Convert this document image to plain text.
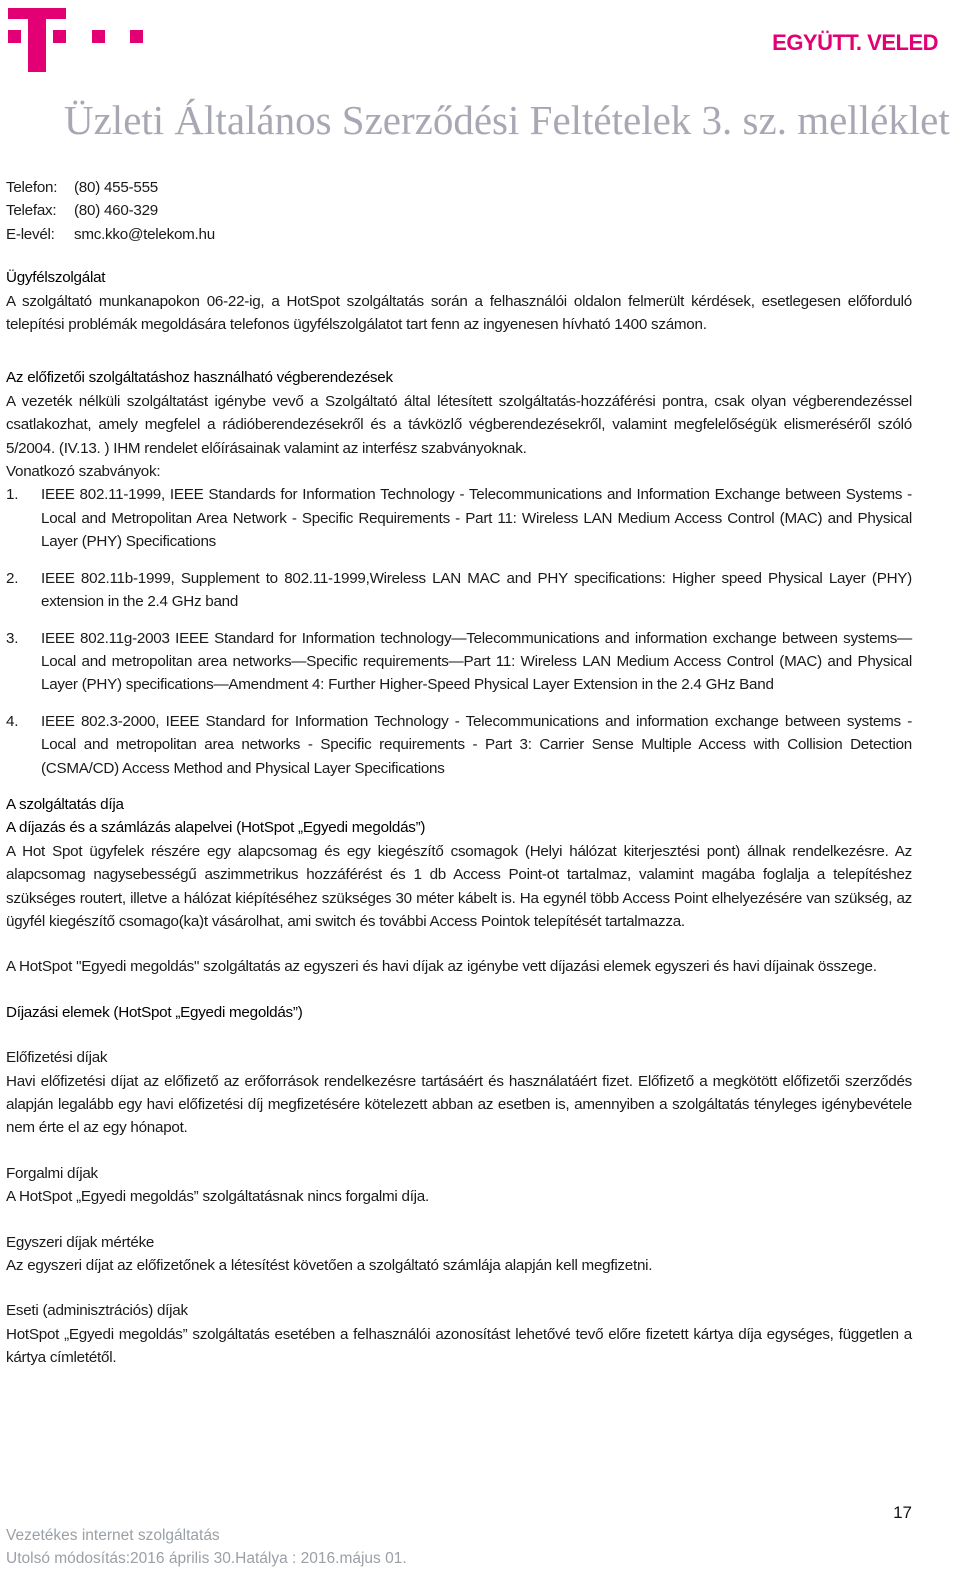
EGYÜTT. VELED
Üzleti Általános Szerződési Feltételek 3. sz. melléklet
Telefon:	(80) 455-555
Telefax:	(80) 460-329
E-levél:	smc.kko@telekom.hu

Ügyfélszolgálat

A szolgáltató munkanapokon 06-22-ig, a HotSpot szolgáltatás során a felhasználói oldalon felmerült kérdések, esetlegesen előforduló telepítési problémák megoldására telefonos ügyfélszolgálatot tart fenn az ingyenesen hívható 1400 számon.

Az előfizetői szolgáltatáshoz használható végberendezések

A vezeték nélküli szolgáltatást igénybe vevő a Szolgáltató által létesített szolgáltatás-hozzáférési pontra, csak olyan végberendezéssel csatlakozhat, amely megfelel a rádióberendezésekről és a távközlő végberendezésekről, valamint megfelelőségük elismeréséről szóló 5/2004. (IV.13. ) IHM rendelet előírásainak valamint az interfész szabványoknak.

Vonatkozó szabványok:

1.	IEEE 802.11-1999, IEEE Standards for Information Technology - Telecommunications and Information Exchange between Systems - Local and Metropolitan Area Network - Specific Requirements - Part 11: Wireless LAN Medium Access Control (MAC) and Physical Layer (PHY) Specifications
2.	IEEE 802.11b-1999, Supplement to 802.11-1999,Wireless LAN MAC and PHY specifications: Higher speed Physical Layer (PHY) extension in the 2.4 GHz band
3.	IEEE 802.11g-2003 IEEE Standard for Information technology—Telecommunications and information exchange between systems—Local and metropolitan area networks—Specific requirements—Part 11: Wireless LAN Medium Access Control (MAC) and Physical Layer (PHY) specifications—Amendment 4: Further Higher-Speed Physical Layer Extension in the 2.4 GHz Band
4.	IEEE 802.3-2000, IEEE Standard for Information Technology - Telecommunications and information exchange between systems - Local and metropolitan area networks - Specific requirements - Part 3: Carrier Sense Multiple Access with Collision Detection (CSMA/CD) Access Method and Physical Layer Specifications

A szolgáltatás díja

A díjazás és a számlázás alapelvei (HotSpot „Egyedi megoldás”)

A Hot Spot ügyfelek részére egy alapcsomag és egy kiegészítő csomagok (Helyi hálózat kiterjesztési pont) állnak rendelkezésre. Az alapcsomag nagysebességű aszimmetrikus hozzáférést és 1 db Access Point-ot tartalmaz, valamint magába foglalja a telepítéshez szükséges routert, illetve a hálózat kiépítéséhez szükséges 30 méter kábelt is. Ha egynél több Access Point elhelyezésére van szükség, az ügyfél kiegészítő csomago(ka)t vásárolhat, ami switch és további Access Pointok telepítését tartalmazza.

A HotSpot "Egyedi megoldás" szolgáltatás az egyszeri és havi díjak az igénybe vett díjazási elemek egyszeri és havi díjainak összege.

Díjazási elemek (HotSpot „Egyedi megoldás”)

Előfizetési díjak

Havi előfizetési díjat az előfizető az erőforrások rendelkezésre tartásáért és használatáért fizet. Előfizető a megkötött előfizetői szerződés alapján legalább egy havi előfizetési díj megfizetésére kötelezett abban az esetben is, amennyiben a szolgáltatás tényleges igénybevétele nem érte el az egy hónapot.

Forgalmi díjak

A HotSpot „Egyedi megoldás” szolgáltatásnak nincs forgalmi díja.

Egyszeri díjak mértéke

Az egyszeri díjat az előfizetőnek a létesítést követően a szolgáltató számlája alapján kell megfizetni.

Eseti (adminisztrációs) díjak

HotSpot „Egyedi megoldás” szolgáltatás esetében a felhasználói azonosítást lehetővé tevő előre fizetett kártya díja egységes, független a kártya címletétől.

17
Vezetékes internet szolgáltatás
Utolsó módosítás:2016 április 30.Hatálya : 2016.május 01.
